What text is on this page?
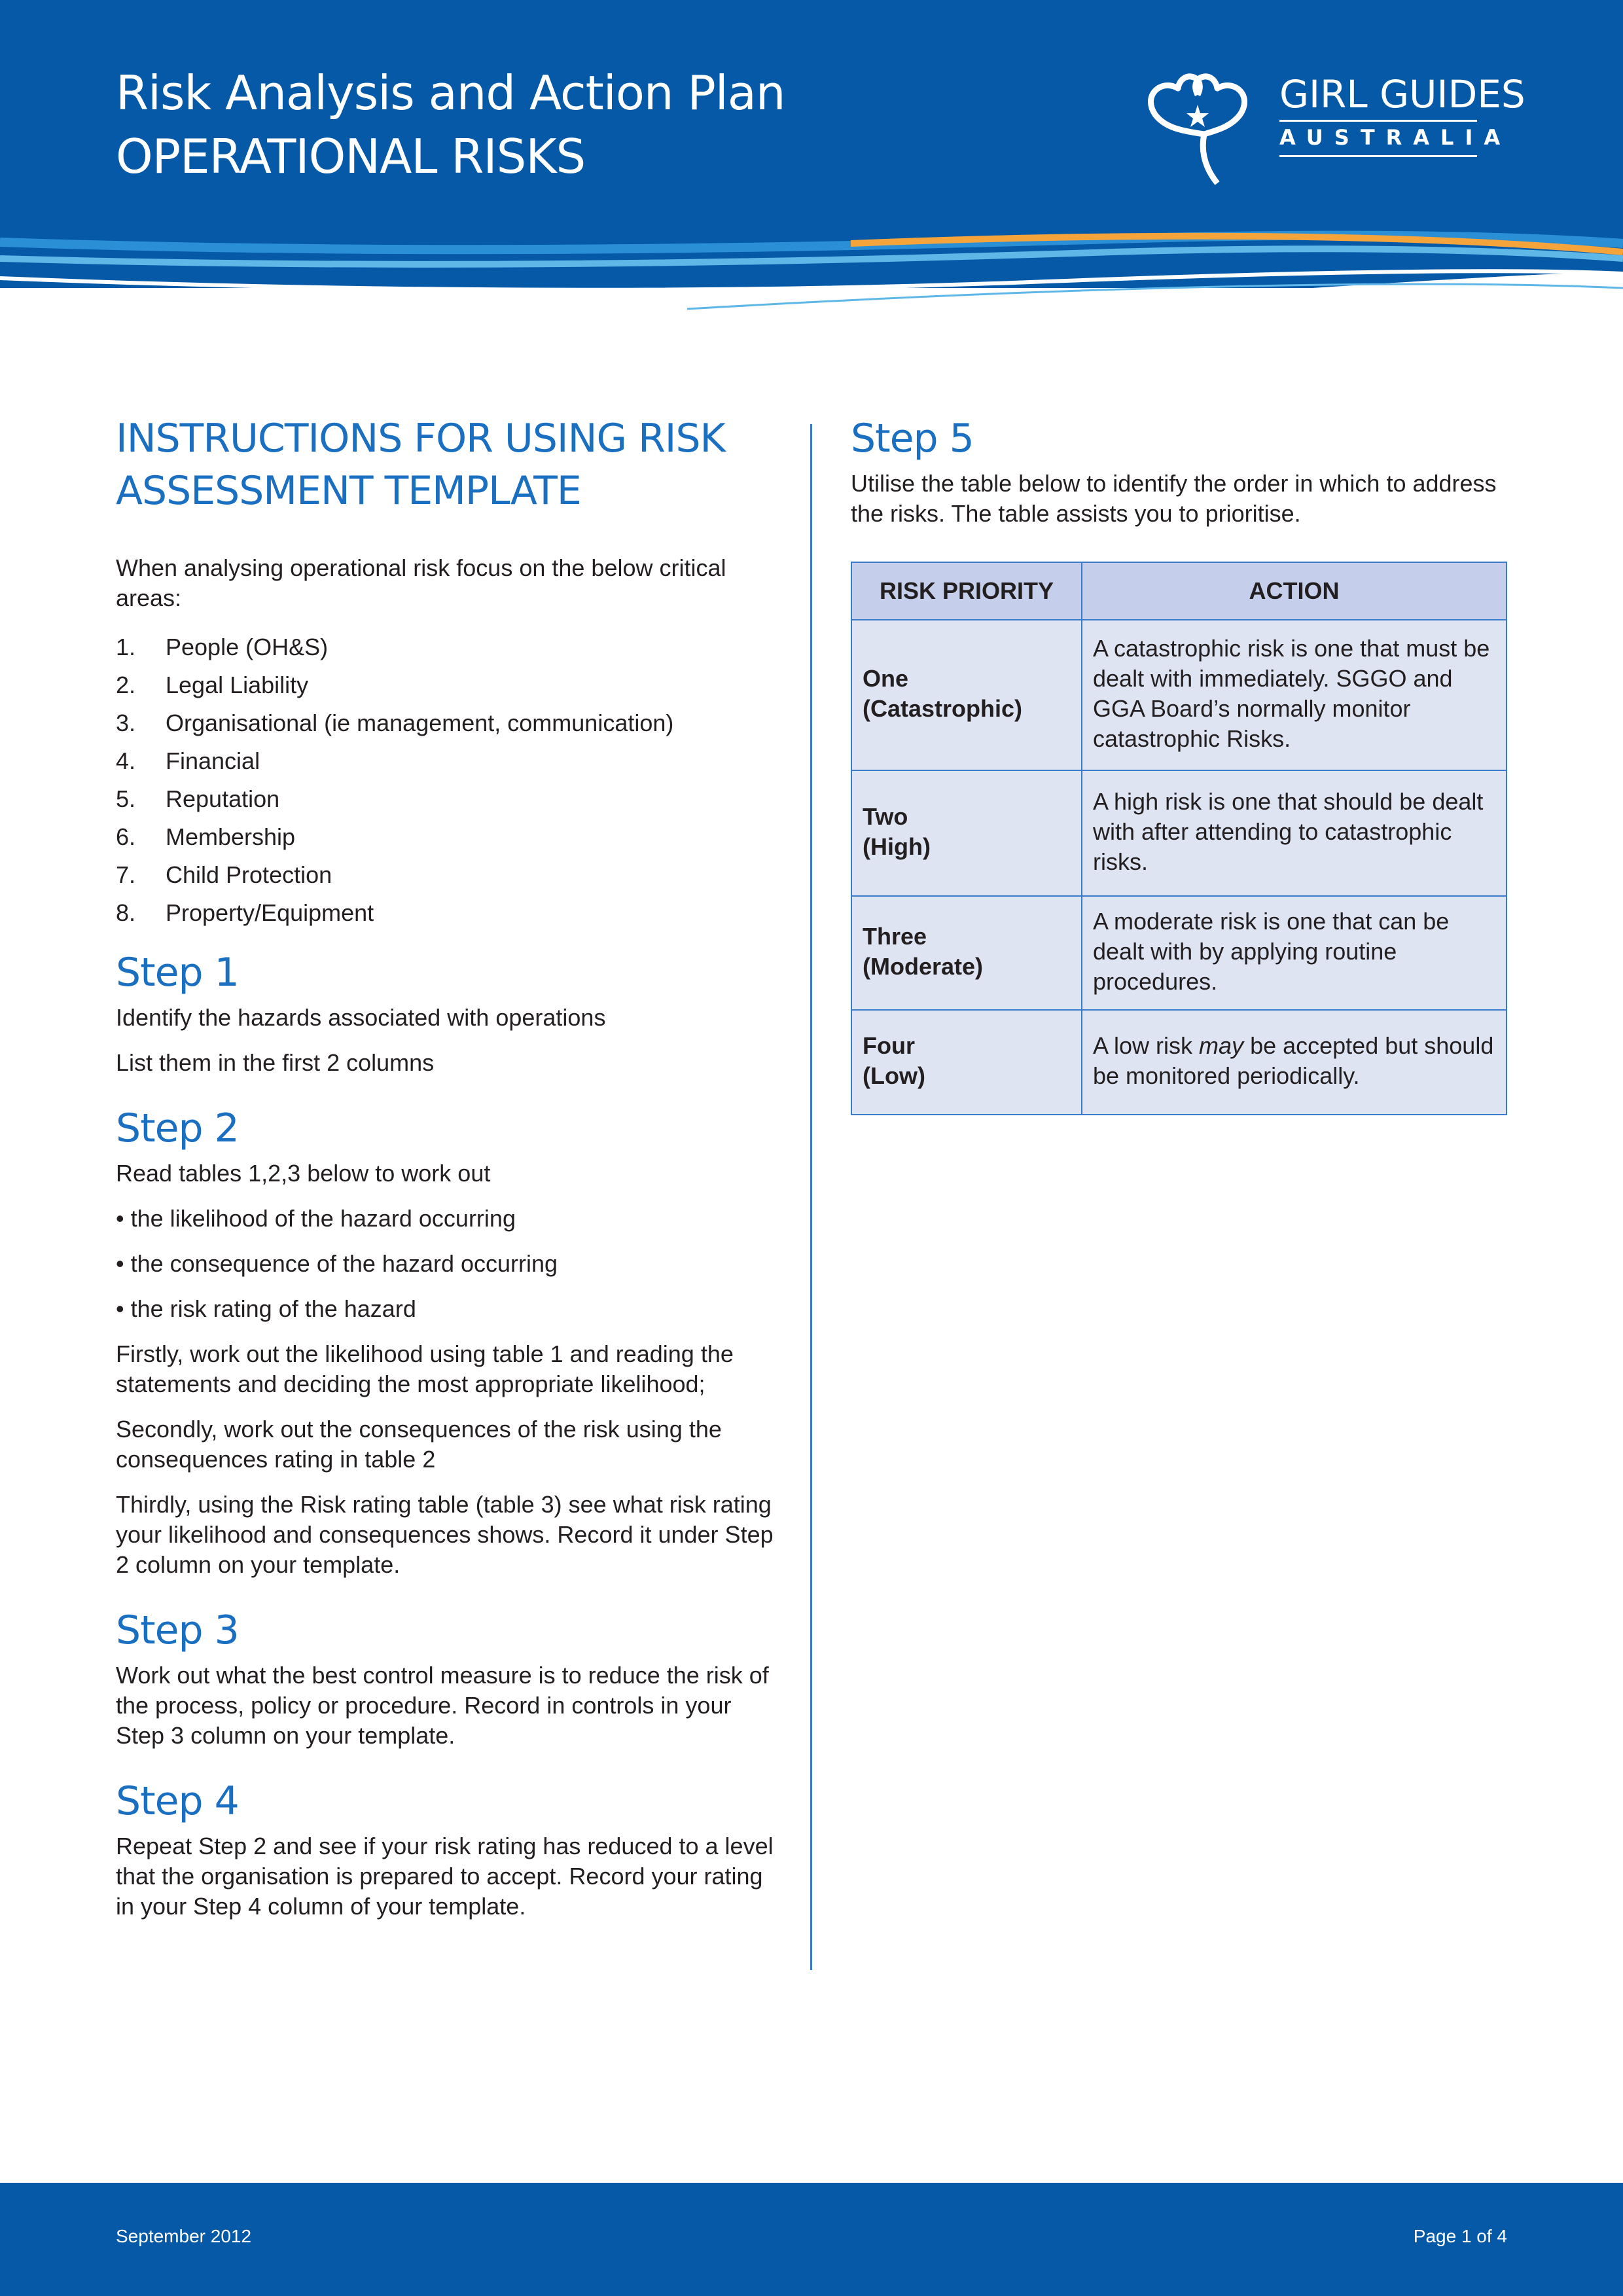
Risk Analysis and Action Plan
OPERATIONAL RISKS
GIRL GUIDES
AUSTRALIA
INSTRUCTIONS FOR USING RISK ASSESSMENT TEMPLATE

When analysing operational risk focus on the below critical areas:

1.	People (OH&S)
2.	Legal Liability
3.	Organisational (ie management, communication)
4.	Financial
5.	Reputation
6.	Membership
7.	Child Protection
8.	Property/Equipment
Step 1

Identify the hazards associated with operations

List them in the first 2 columns

Step 2

Read tables 1,2,3 below to work out

• the likelihood of the hazard occurring

• the consequence of the hazard occurring

• the risk rating of the hazard

Firstly, work out the likelihood using table 1 and reading the statements and deciding the most appropriate likelihood;

Secondly, work out the consequences of the risk using the consequences rating in table 2

Thirdly, using the Risk rating table (table 3) see what risk rating your likelihood and consequences shows. Record it under Step 2 column on your template.

Step 3

Work out what the best control measure is to reduce the risk of the process, policy or procedure. Record in controls in your Step 3 column on your template.

Step 4

Repeat Step 2 and see if your risk rating has reduced to a level that the organisation is prepared to accept. Record your rating in your Step 4 column of your template.

Step 5

Utilise the table below to identify the order in which to address the risks. The table assists you to prioritise.

RISK PRIORITY	ACTION
One
(Catastrophic)	A catastrophic risk is one that must be dealt with immediately. SGGO and GGA Board’s normally monitor catastrophic Risks.
Two
(High)	A high risk is one that should be dealt with after attending to catastrophic risks.
Three
(Moderate)	A moderate risk is one that can be dealt with by applying routine procedures.
Four
(Low)	A low risk may be accepted but should be monitored periodically.
September 2012	Page 1 of 4
